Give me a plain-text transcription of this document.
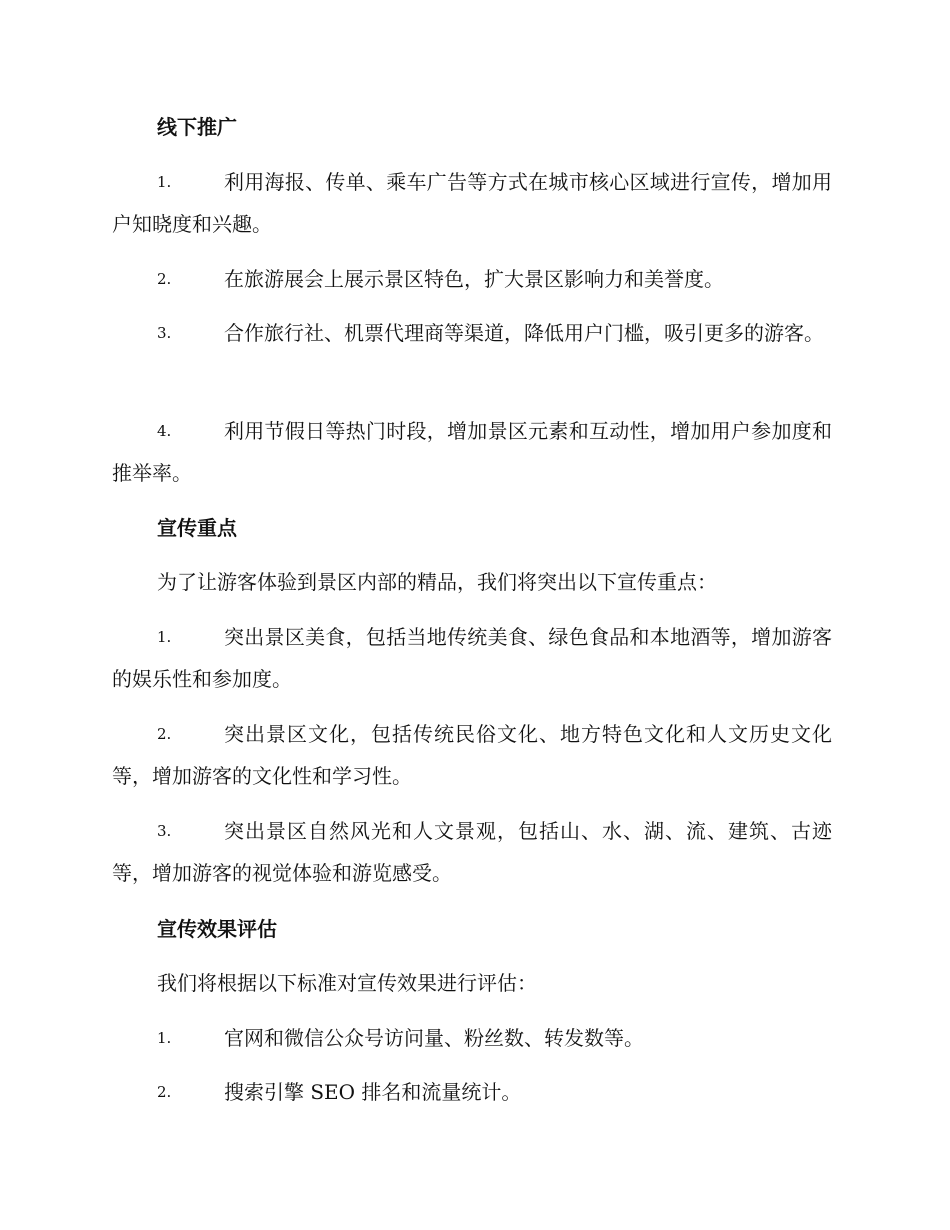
线下推广
1.	利用海报、传单、乘车广告等方式在城市核心区域进行宣传，增加用户知晓度和兴趣。
2.	在旅游展会上展示景区特色，扩大景区影响力和美誉度。
3.	合作旅行社、机票代理商等渠道，降低用户门槛，吸引更多的游客。
4.	利用节假日等热门时段，增加景区元素和互动性，增加用户参加度和推举率。
宣传重点
为了让游客体验到景区内部的精品，我们将突出以下宣传重点：
1.	突出景区美食，包括当地传统美食、绿色食品和本地酒等，增加游客的娱乐性和参加度。
2.	突出景区文化，包括传统民俗文化、地方特色文化和人文历史文化等，增加游客的文化性和学习性。
3.	突出景区自然风光和人文景观，包括山、水、湖、流、建筑、古迹等，增加游客的视觉体验和游览感受。
宣传效果评估
我们将根据以下标准对宣传效果进行评估：
1.	官网和微信公众号访问量、粉丝数、转发数等。
2.	搜索引擎 SEO 排名和流量统计。
